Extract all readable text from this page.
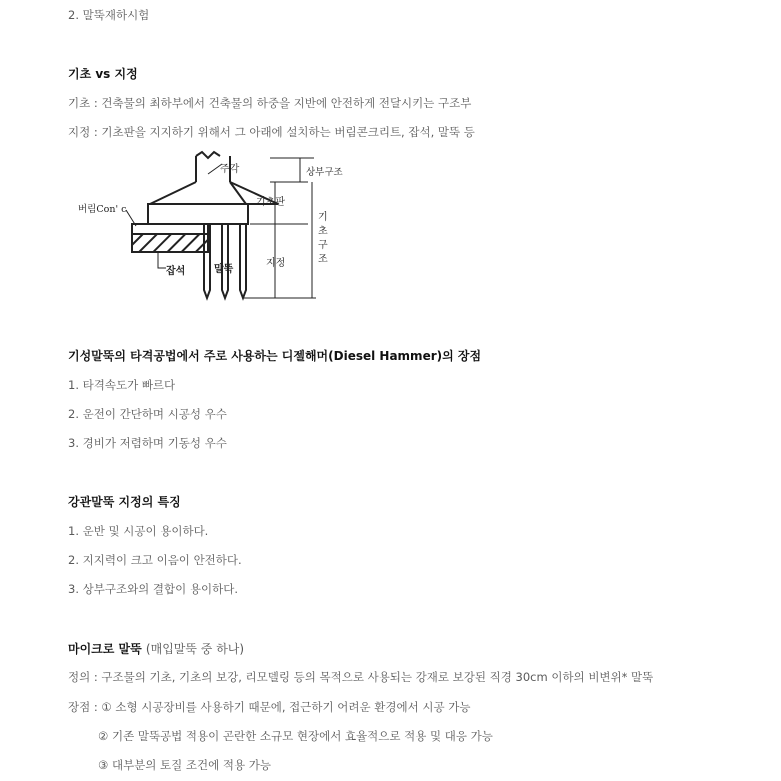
2. 말뚝재하시험
기초 vs 지정
기초 : 건축물의 최하부에서 건축물의 하중을 지반에 안전하게 전달시키는 구조부
지정 : 기초판을 지지하기 위해서 그 아래에 설치하는 버림콘크리트, 잡석, 말뚝 등
주각	상부구조
기초판
버림Con' c
기
초
구
조
지정
잡석	말뚝
기성말뚝의 타격공법에서 주로 사용하는 디젤해머(Diesel Hammer)의 장점
1. 타격속도가 빠르다
2. 운전이 간단하며 시공성 우수
3. 경비가 저렴하며 기동성 우수
강관말뚝 지정의 특징
1. 운반 및 시공이 용이하다.
2. 지지력이 크고 이음이 안전하다.
3. 상부구조와의 결합이 용이하다.
마이크로 말뚝 (매입말뚝 중 하나)
정의 : 구조물의 기초, 기초의 보강, 리모델링 등의 목적으로 사용되는 강재로 보강된 직경 30cm 이하의 비변위* 말뚝
장점 : ① 소형 시공장비를 사용하기 때문에, 접근하기 어려운 환경에서 시공 가능
② 기존 말뚝공법 적용이 곤란한 소규모 현장에서 효율적으로 적용 및 대응 가능
③ 대부분의 토질 조건에 적용 가능
